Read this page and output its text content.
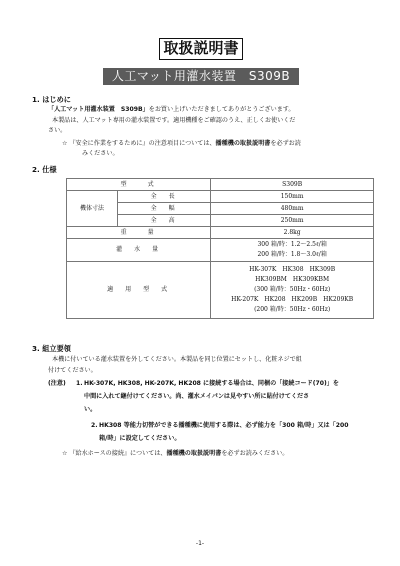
取扱説明書
人工マット用灌水装置　S309B
1. はじめに
「人工マット用灌水装置　S309B」をお買い上げいただきましてありがとうございます。
本製品は、人工マット専用の灌水装置です。適用機種をご確認のうえ、正しくお使いくだ
さい。
☆ 『安全に作業をするために』の注意項目については、播種機の取扱説明書を必ずお読
みください。
2. 仕様
型　　式		S309B
機体寸法	全　長	150mm
	全　幅	480mm
	全　高	250mm
重　　量		2.8kg
灌　水　量		300 箱/時：1.2～2.5ℓ/箱
200 箱/時：1.8～3.0ℓ/箱

適　用　型　式		HK-307K　HK308　HK309B
HK309BM　HK309KBM
(300 箱/時：50Hz・60Hz)
HK-207K　HK208　HK209B　HK209KB
(200 箱/時：50Hz・60Hz)
3. 組立要領
本機に付いている灌水装置を外してください。本製品を同じ位置にセットし、化粧ネジで組
付けてください。
(注意) 1. HK-307K, HK308, HK-207K, HK208 に接続する場合は、同梱の「接続コード(70)」を
中間に入れて継付けてください。尚、灌水メイパンは見やすい所に貼付けてくださ
い。
2. HK308 等能力切替ができる播種機に使用する際は、必ず能力を「300 箱/時」又は「200
箱/時」に設定してください。
☆ 『給水ホースの接続』については、播種機の取扱説明書を必ずお読みください。
-1-
